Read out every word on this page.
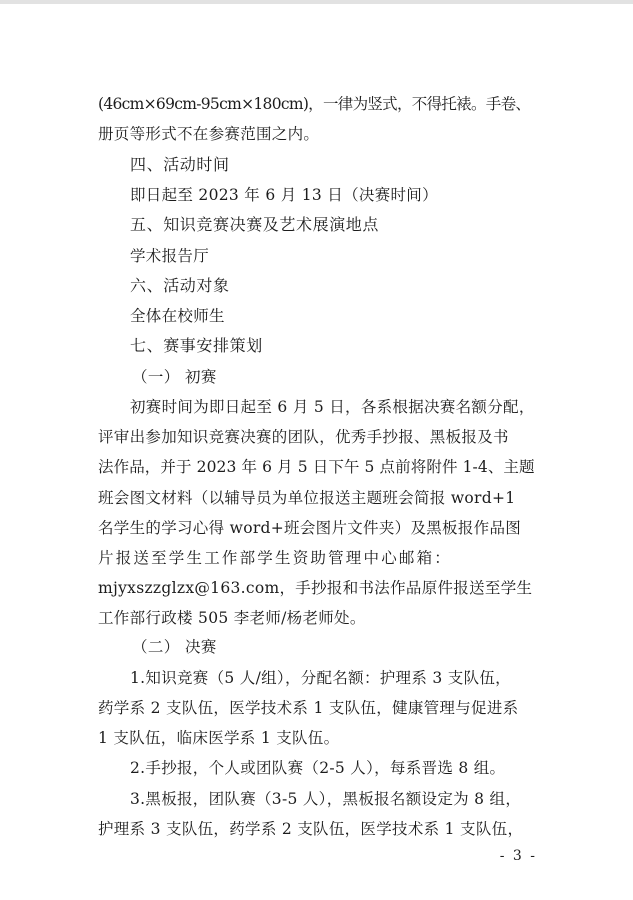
(46cm×69cm-95cm×180cm)，一律为竖式，不得托裱。手卷、
册页等形式不在参赛范围之内。
四、活动时间
即日起至 2023 年 6 月 13 日（决赛时间）
五、知识竞赛决赛及艺术展演地点
学术报告厅
六、活动对象
全体在校师生
七、赛事安排策划
（一） 初赛
初赛时间为即日起至 6 月 5 日，各系根据决赛名额分配，
评审出参加知识竞赛决赛的团队，优秀手抄报、黑板报及书
法作品，并于 2023 年 6 月 5 日下午 5 点前将附件 1-4、主题
班会图文材料（以辅导员为单位报送主题班会简报 word+1
名学生的学习心得 word+班会图片文件夹）及黑板报作品图
片报送至学生工作部学生资助管理中心邮箱：
mjyxszzglzx@163.com，手抄报和书法作品原件报送至学生
工作部行政楼 505 李老师/杨老师处。
（二） 决赛
1.知识竞赛（5 人/组），分配名额：护理系 3 支队伍，
药学系 2 支队伍，医学技术系 1 支队伍，健康管理与促进系
1 支队伍，临床医学系 1 支队伍。
2.手抄报，个人或团队赛（2-5 人），每系晋选 8 组。
3.黑板报，团队赛（3-5 人），黑板报名额设定为 8 组，
护理系 3 支队伍，药学系 2 支队伍，医学技术系 1 支队伍，
- 3 -
